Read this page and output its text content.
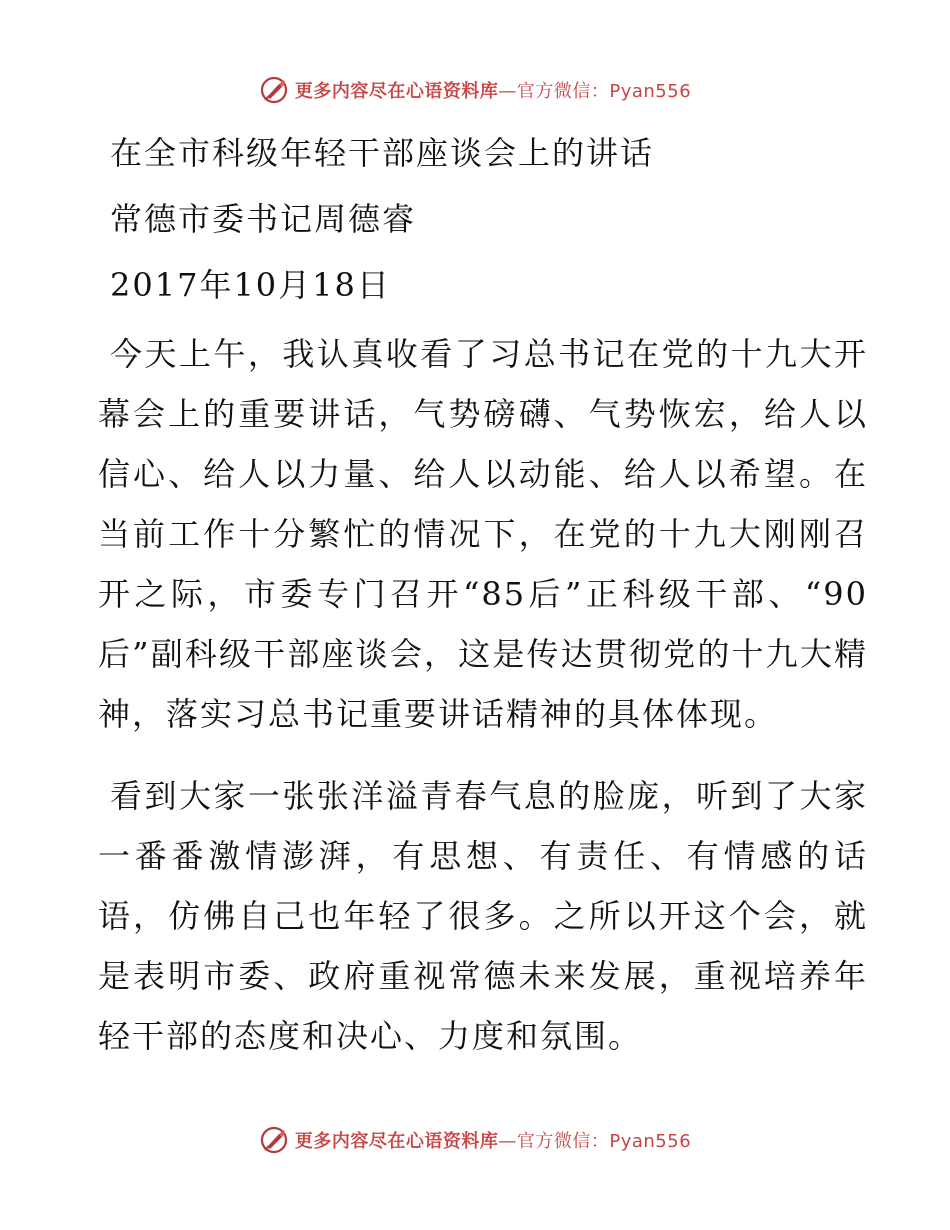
更多内容尽在心语资料库—官方微信：Pyan556

在全市科级年轻干部座谈会上的讲话

常德市委书记周德睿

2017年10月18日

今天上午，我认真收看了习总书记在党的十九大开幕会上的重要讲话，气势磅礴、气势恢宏，给人以信心、给人以力量、给人以动能、给人以希望。在当前工作十分繁忙的情况下，在党的十九大刚刚召开之际，市委专门召开“85后”正科级干部、“90后”副科级干部座谈会，这是传达贯彻党的十九大精神，落实习总书记重要讲话精神的具体体现。

看到大家一张张洋溢青春气息的脸庞，听到了大家一番番激情澎湃，有思想、有责任、有情感的话语，仿佛自己也年轻了很多。之所以开这个会，就是表明市委、政府重视常德未来发展，重视培养年轻干部的态度和决心、力度和氛围。

更多内容尽在心语资料库—官方微信：Pyan556
